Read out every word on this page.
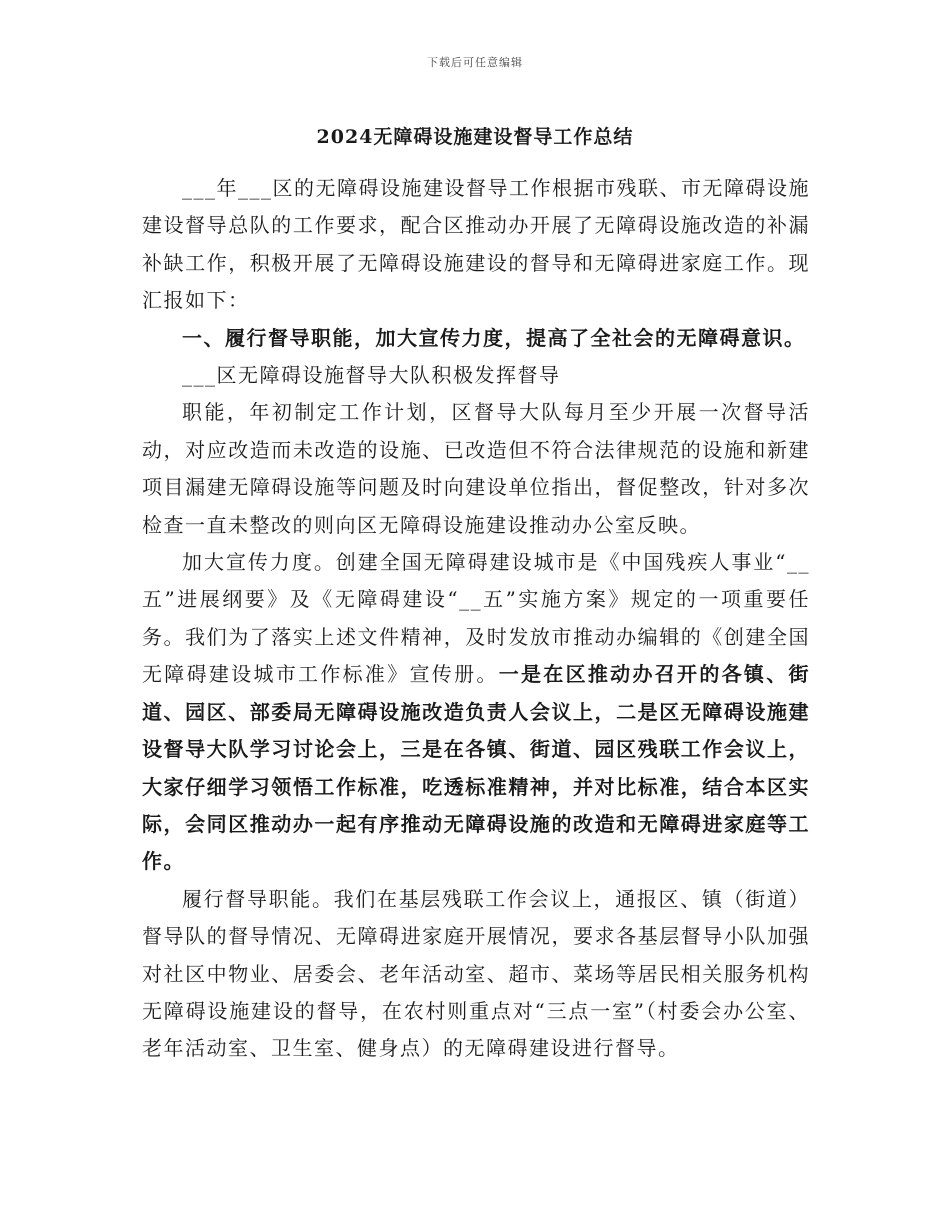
下载后可任意编辑
2024无障碍设施建设督导工作总结

___年___区的无障碍设施建设督导工作根据市残联、市无障碍设施建设督导总队的工作要求，配合区推动办开展了无障碍设施改造的补漏补缺工作，积极开展了无障碍设施建设的督导和无障碍进家庭工作。现汇报如下：

一、履行督导职能，加大宣传力度，提高了全社会的无障碍意识。

___区无障碍设施督导大队积极发挥督导

职能，年初制定工作计划，区督导大队每月至少开展一次督导活动，对应改造而未改造的设施、已改造但不符合法律规范的设施和新建项目漏建无障碍设施等问题及时向建设单位指出，督促整改，针对多次检查一直未整改的则向区无障碍设施建设推动办公室反映。

加大宣传力度。创建全国无障碍建设城市是《中国残疾人事业“__五”进展纲要》及《无障碍建设“__五”实施方案》规定的一项重要任务。我们为了落实上述文件精神，及时发放市推动办编辑的《创建全国无障碍建设城市工作标准》宣传册。一是在区推动办召开的各镇、街道、园区、部委局无障碍设施改造负责人会议上，二是区无障碍设施建设督导大队学习讨论会上，三是在各镇、街道、园区残联工作会议上，大家仔细学习领悟工作标准，吃透标准精神，并对比标准，结合本区实际，会同区推动办一起有序推动无障碍设施的改造和无障碍进家庭等工作。

履行督导职能。我们在基层残联工作会议上，通报区、镇（街道）督导队的督导情况、无障碍进家庭开展情况，要求各基层督导小队加强对社区中物业、居委会、老年活动室、超市、菜场等居民相关服务机构无障碍设施建设的督导，在农村则重点对“三点一室”（村委会办公室、老年活动室、卫生室、健身点）的无障碍建设进行督导。
